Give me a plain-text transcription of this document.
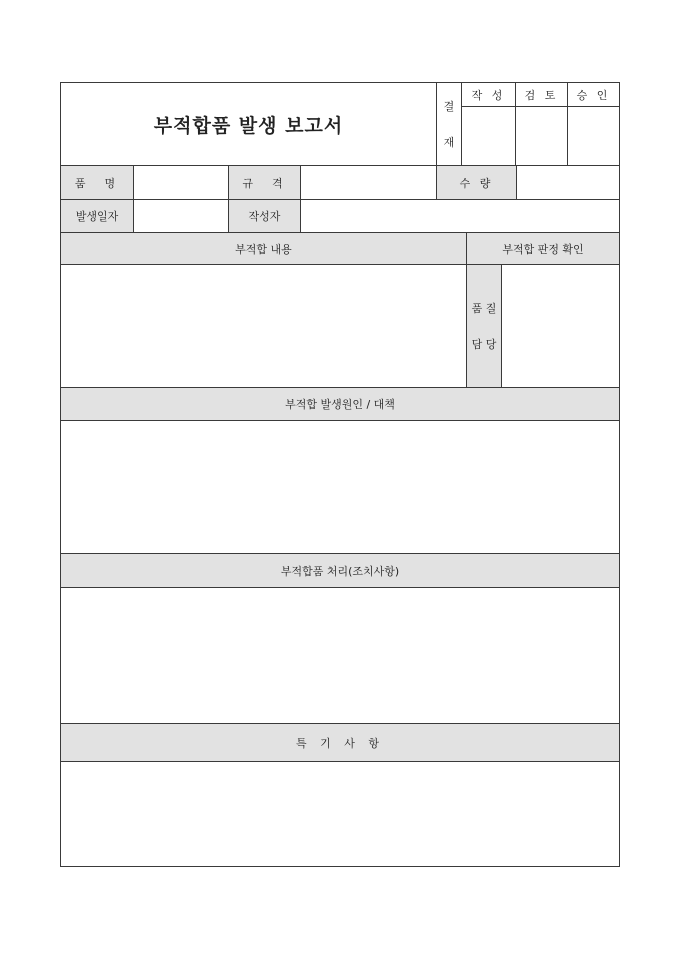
부적합품 발생 보고서
결
재
작 성	검 토	승 인
품　명	규　격	수 량
발생일자	작성자
부적합 내용	부적합 판정 확인
품 질
담 당
부적합 발생원인 / 대책
부적합품 처리(조치사항)
특 기 사 항
